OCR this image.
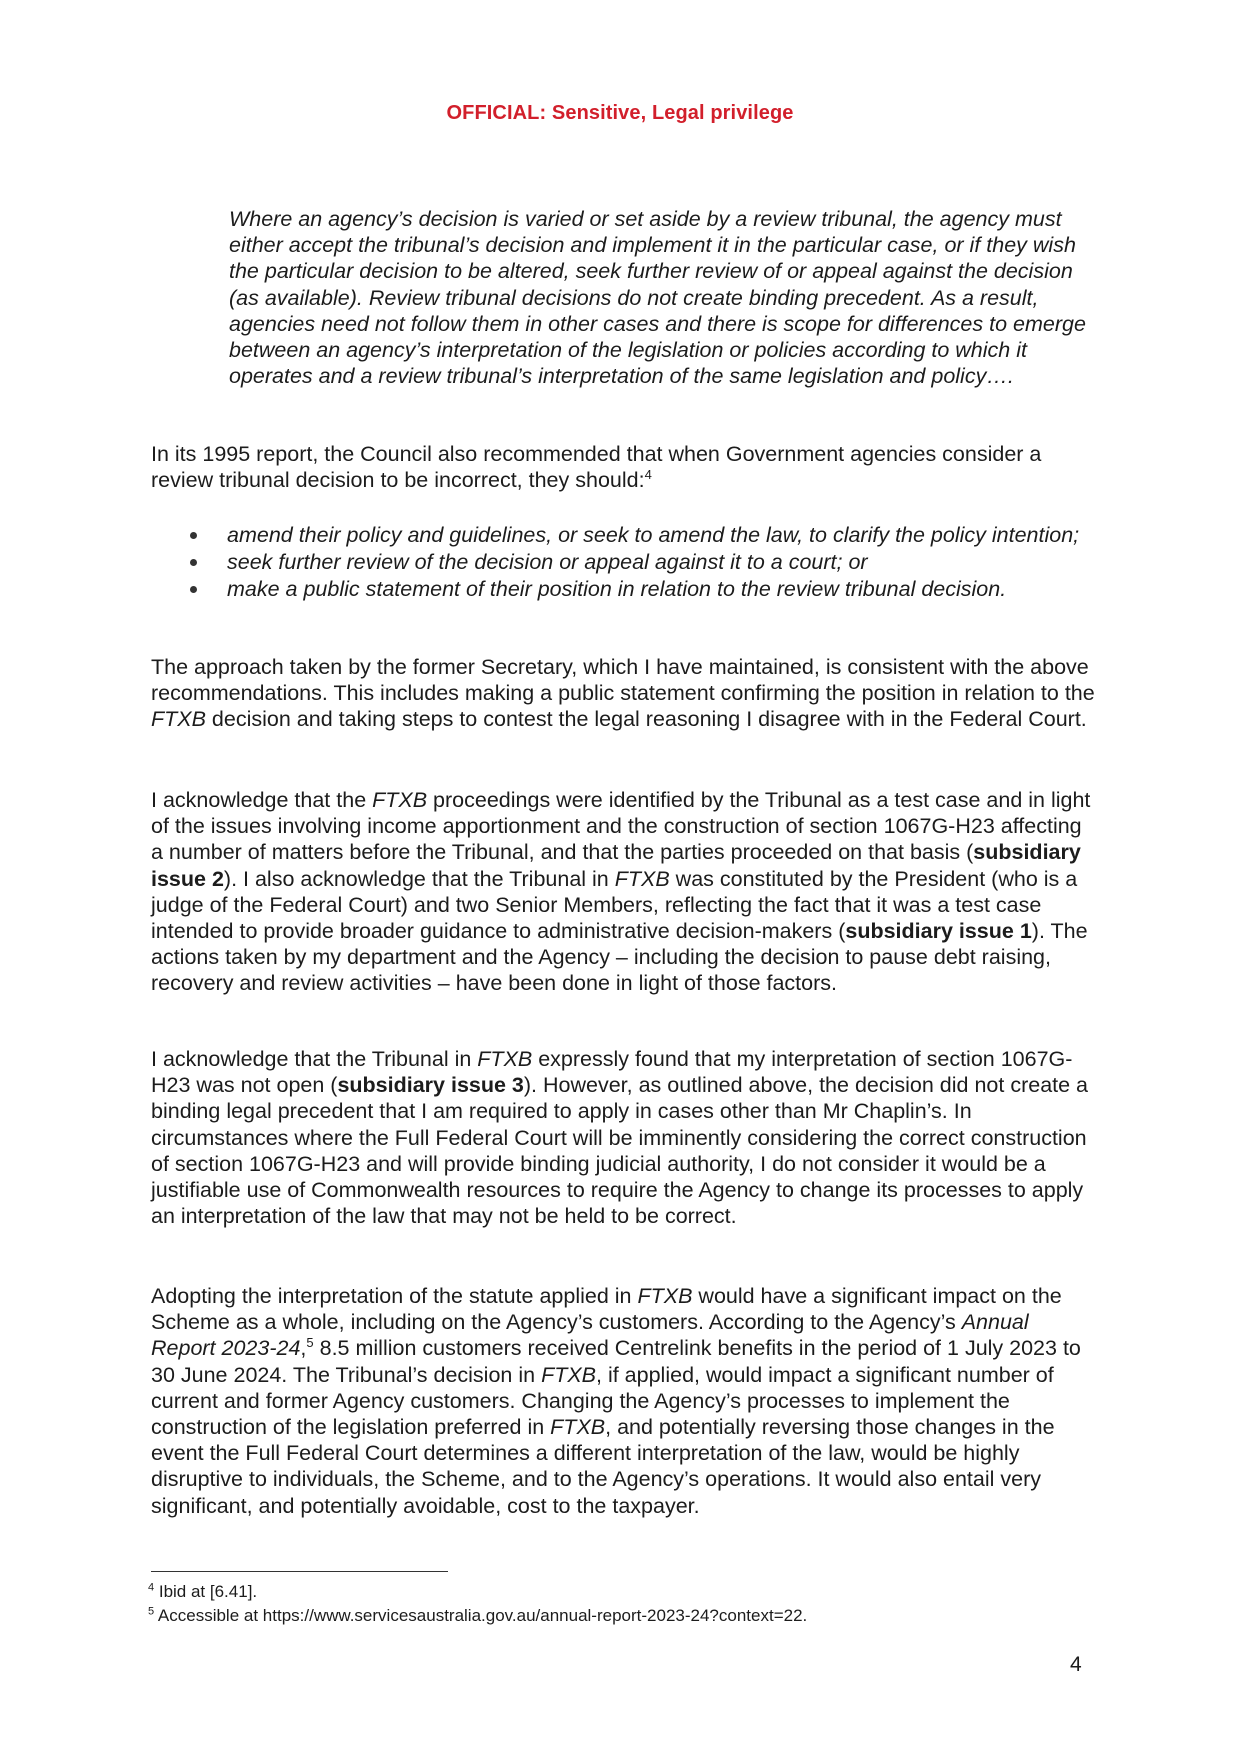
OFFICIAL: Sensitive, Legal privilege

Where an agency’s decision is varied or set aside by a review tribunal, the agency must either accept the tribunal’s decision and implement it in the particular case, or if they wish the particular decision to be altered, seek further review of or appeal against the decision (as available). Review tribunal decisions do not create binding precedent. As a result, agencies need not follow them in other cases and there is scope for differences to emerge between an agency’s interpretation of the legislation or policies according to which it operates and a review tribunal’s interpretation of the same legislation and policy….

In its 1995 report, the Council also recommended that when Government agencies consider a review tribunal decision to be incorrect, they should:$^4$

amend their policy and guidelines, or seek to amend the law, to clarify the policy intention;
seek further review of the decision or appeal against it to a court; or
make a public statement of their position in relation to the review tribunal decision.

The approach taken by the former Secretary, which I have maintained, is consistent with the above recommendations. This includes making a public statement confirming the position in relation to the FTXB decision and taking steps to contest the legal reasoning I disagree with in the Federal Court.

I acknowledge that the FTXB proceedings were identified by the Tribunal as a test case and in light of the issues involving income apportionment and the construction of section 1067G-H23 affecting a number of matters before the Tribunal, and that the parties proceeded on that basis (subsidiary issue 2). I also acknowledge that the Tribunal in FTXB was constituted by the President (who is a judge of the Federal Court) and two Senior Members, reflecting the fact that it was a test case intended to provide broader guidance to administrative decision-makers (subsidiary issue 1). The actions taken by my department and the Agency – including the decision to pause debt raising, recovery and review activities – have been done in light of those factors.

I acknowledge that the Tribunal in FTXB expressly found that my interpretation of section 1067G-H23 was not open (subsidiary issue 3). However, as outlined above, the decision did not create a binding legal precedent that I am required to apply in cases other than Mr Chaplin’s. In circumstances where the Full Federal Court will be imminently considering the correct construction of section 1067G-H23 and will provide binding judicial authority, I do not consider it would be a justifiable use of Commonwealth resources to require the Agency to change its processes to apply an interpretation of the law that may not be held to be correct.

Adopting the interpretation of the statute applied in FTXB would have a significant impact on the Scheme as a whole, including on the Agency’s customers. According to the Agency’s Annual Report 2023-24,$^5$ 8.5 million customers received Centrelink benefits in the period of 1 July 2023 to 30 June 2024. The Tribunal’s decision in FTXB, if applied, would impact a significant number of current and former Agency customers. Changing the Agency’s processes to implement the construction of the legislation preferred in FTXB, and potentially reversing those changes in the event the Full Federal Court determines a different interpretation of the law, would be highly disruptive to individuals, the Scheme, and to the Agency’s operations. It would also entail very significant, and potentially avoidable, cost to the taxpayer.

$^4$ Ibid at [6.41].
$^5$ Accessible at https://www.servicesaustralia.gov.au/annual-report-2023-24?context=22.
4
